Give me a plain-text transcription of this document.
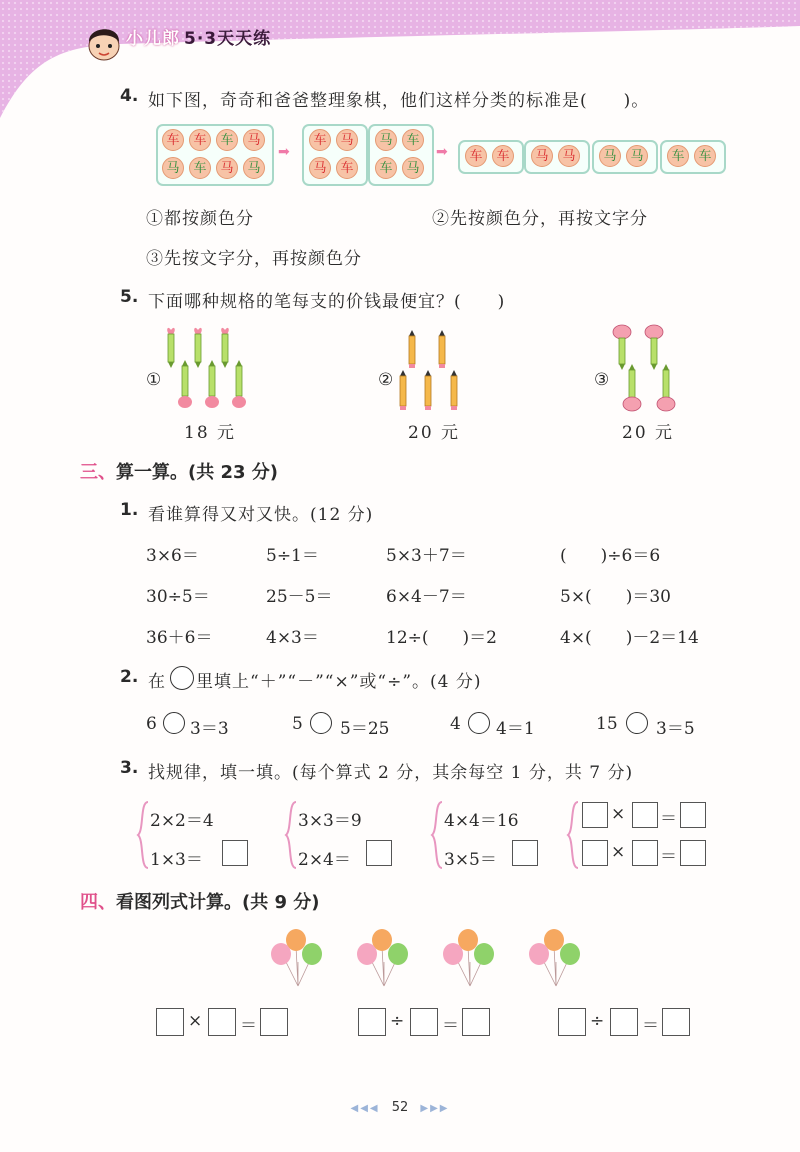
小儿郎 5·3天天练
4. 如下图，奇奇和爸爸整理象棋，他们这样分类的标准是(　　)。
车	车	车	马
马	车	马	马
➡
车	马
马	车
马	车
车	马
➡	车	车	马	马	马	马	车	车
①都按颜色分	②先按颜色分，再按文字分
③先按文字分，再按颜色分
5. 下面哪种规格的笔每支的价钱最便宜？(　　)
①
18 元
②
20 元
③
20 元
三、算一算。(共 23 分)
1. 看谁算得又对又快。(12 分)
3×6＝	5÷1＝	5×3＋7＝	(　　)÷6＝6
30÷5＝	25－5＝	6×4－7＝	5×(　　)＝30
36＋6＝	4×3＝	12÷(　　)＝2	4×(　　)－2＝14
2. 在 里填上“＋”“－”“×”或“÷”。(4 分)
6 3＝3	5 5＝25	4 4＝1	15 3＝5
3. 找规律，填一填。(每个算式 2 分，其余每空 1 分，共 7 分)
2×2＝4
1×3＝
3×3＝9
2×4＝
4×4＝16
3×5＝
× ＝
× ＝
四、看图列式计算。(共 9 分)
× ＝	÷ ＝	÷ ＝
◀◀◀ 52 ▶▶▶
